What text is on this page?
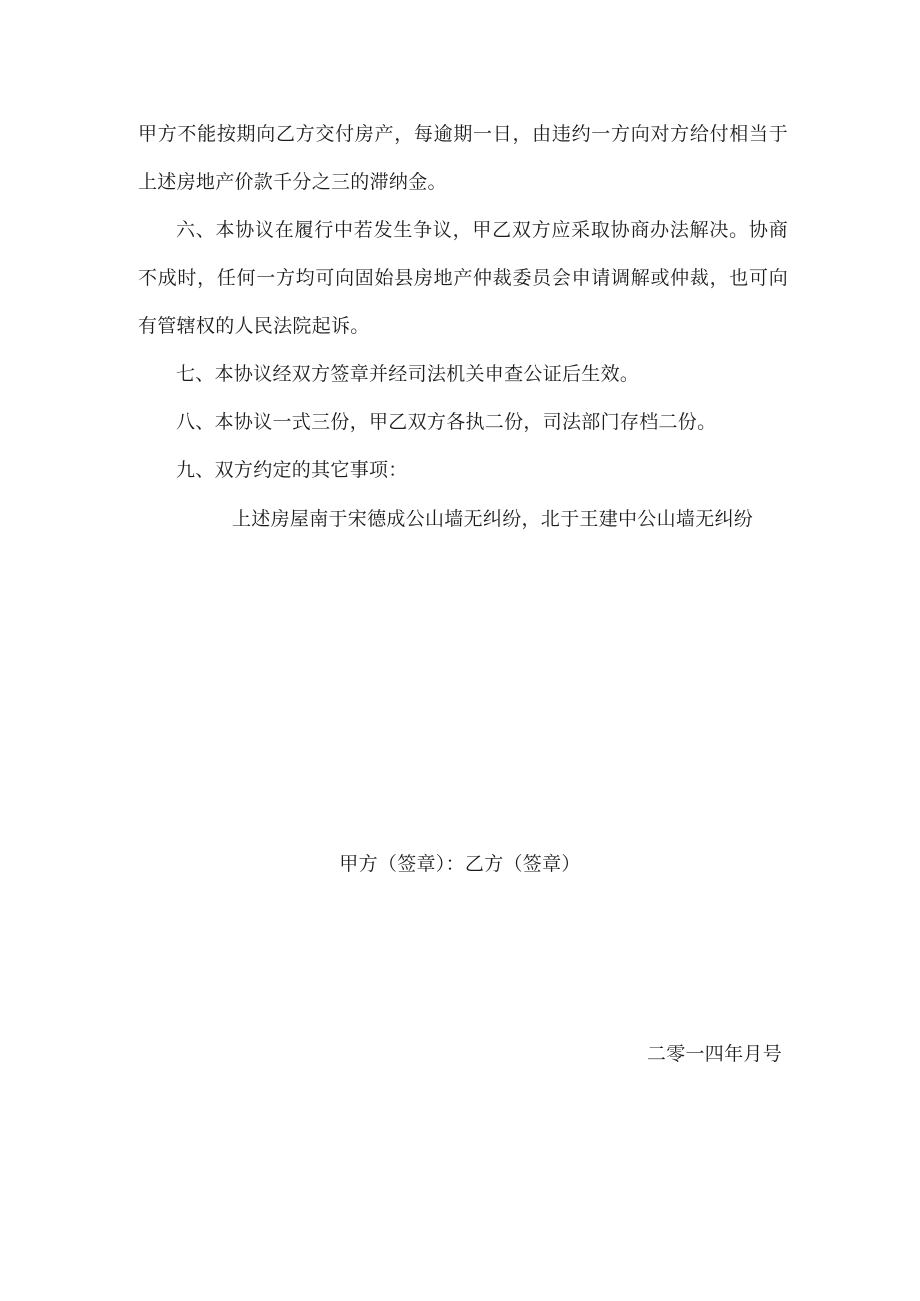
甲方不能按期向乙方交付房产，每逾期一日，由违约一方向对方给付相当于上述房地产价款千分之三的滞纳金。

六、本协议在履行中若发生争议，甲乙双方应采取协商办法解决。协商不成时，任何一方均可向固始县房地产仲裁委员会申请调解或仲裁，也可向有管辖权的人民法院起诉。

七、本协议经双方签章并经司法机关申查公证后生效。

八、本协议一式三份，甲乙双方各执二份，司法部门存档二份。

九、双方约定的其它事项：

上述房屋南于宋德成公山墙无纠纷，北于王建中公山墙无纠纷

甲方（签章）：乙方（签章）

二零一四年月号
